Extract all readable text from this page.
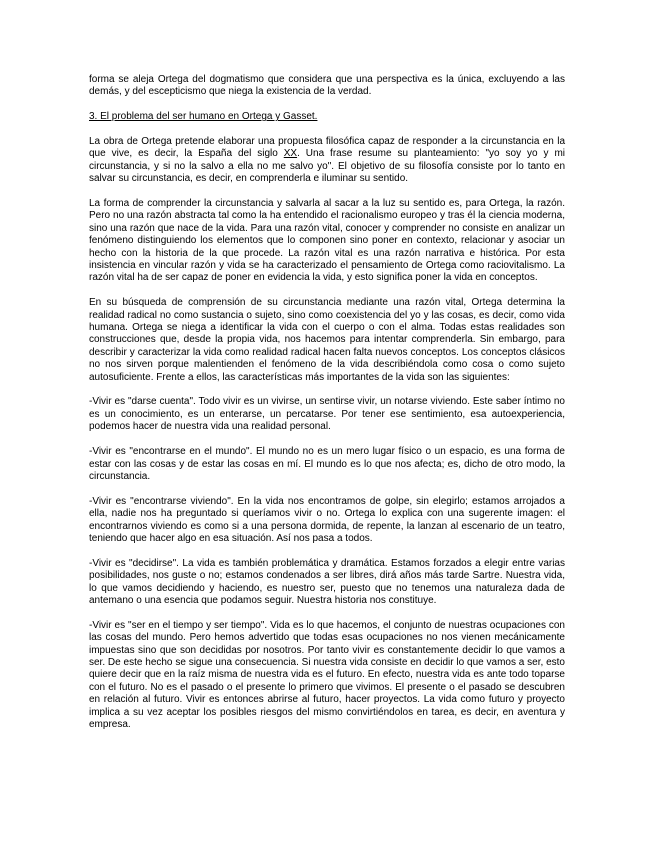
forma se aleja Ortega del dogmatismo que considera que una perspectiva es la única, excluyendo a las demás, y del escepticismo que niega la existencia de la verdad.

3. El problema del ser humano en Ortega y Gasset.

La obra de Ortega pretende elaborar una propuesta filosófica capaz de responder a la circunstancia en la que vive, es decir, la España del siglo XX. Una frase resume su planteamiento: "yo soy yo y mi circunstancia, y si no la salvo a ella no me salvo yo". El objetivo de su filosofía consiste por lo tanto en salvar su circunstancia, es decir, en comprenderla e iluminar su sentido.

La forma de comprender la circunstancia y salvarla al sacar a la luz su sentido es, para Ortega, la razón. Pero no una razón abstracta tal como la ha entendido el racionalismo europeo y tras él la ciencia moderna, sino una razón que nace de la vida. Para una razón vital, conocer y comprender no consiste en analizar un fenómeno distinguiendo los elementos que lo componen sino poner en contexto, relacionar y asociar un hecho con la historia de la que procede. La razón vital es una razón narrativa e histórica. Por esta insistencia en vincular razón y vida se ha caracterizado el pensamiento de Ortega como raciovitalismo. La razón vital ha de ser capaz de poner en evidencia la vida, y esto significa poner la vida en conceptos.

En su búsqueda de comprensión de su circunstancia mediante una razón vital, Ortega determina la realidad radical no como sustancia o sujeto, sino como coexistencia del yo y las cosas, es decir, como vida humana. Ortega se niega a identificar la vida con el cuerpo o con el alma. Todas estas realidades son construcciones que, desde la propia vida, nos hacemos para intentar comprenderla. Sin embargo, para describir y caracterizar la vida como realidad radical hacen falta nuevos conceptos. Los conceptos clásicos no nos sirven porque malentienden el fenómeno de la vida describiéndola como cosa o como sujeto autosuficiente. Frente a ellos, las características más importantes de la vida son las siguientes:

-Vivir es "darse cuenta". Todo vivir es un vivirse, un sentirse vivir, un notarse viviendo. Este saber íntimo no es un conocimiento, es un enterarse, un percatarse. Por tener ese sentimiento, esa autoexperiencia, podemos hacer de nuestra vida una realidad personal.

-Vivir es "encontrarse en el mundo". El mundo no es un mero lugar físico o un espacio, es una forma de estar con las cosas y de estar las cosas en mí. El mundo es lo que nos afecta; es, dicho de otro modo, la circunstancia.

-Vivir es "encontrarse viviendo". En la vida nos encontramos de golpe, sin elegirlo; estamos arrojados a ella, nadie nos ha preguntado si queríamos vivir o no. Ortega lo explica con una sugerente imagen: el encontrarnos viviendo es como si a una persona dormida, de repente, la lanzan al escenario de un teatro, teniendo que hacer algo en esa situación. Así nos pasa a todos.

-Vivir es "decidirse". La vida es también problemática y dramática. Estamos forzados a elegir entre varias posibilidades, nos guste o no; estamos condenados a ser libres, dirá años más tarde Sartre. Nuestra vida, lo que vamos decidiendo y haciendo, es nuestro ser, puesto que no tenemos una naturaleza dada de antemano o una esencia que podamos seguir. Nuestra historia nos constituye.

-Vivir es "ser en el tiempo y ser tiempo". Vida es lo que hacemos, el conjunto de nuestras ocupaciones con las cosas del mundo. Pero hemos advertido que todas esas ocupaciones no nos vienen mecánicamente impuestas sino que son decididas por nosotros. Por tanto vivir es constantemente decidir lo que vamos a ser. De este hecho se sigue una consecuencia. Si nuestra vida consiste en decidir lo que vamos a ser, esto quiere decir que en la raíz misma de nuestra vida es el futuro. En efecto, nuestra vida es ante todo toparse con el futuro. No es el pasado o el presente lo primero que vivimos. El presente o el pasado se descubren en relación al futuro. Vivir es entonces abrirse al futuro, hacer proyectos. La vida como futuro y proyecto implica a su vez aceptar los posibles riesgos del mismo convirtiéndolos en tarea, es decir, en aventura y empresa.
